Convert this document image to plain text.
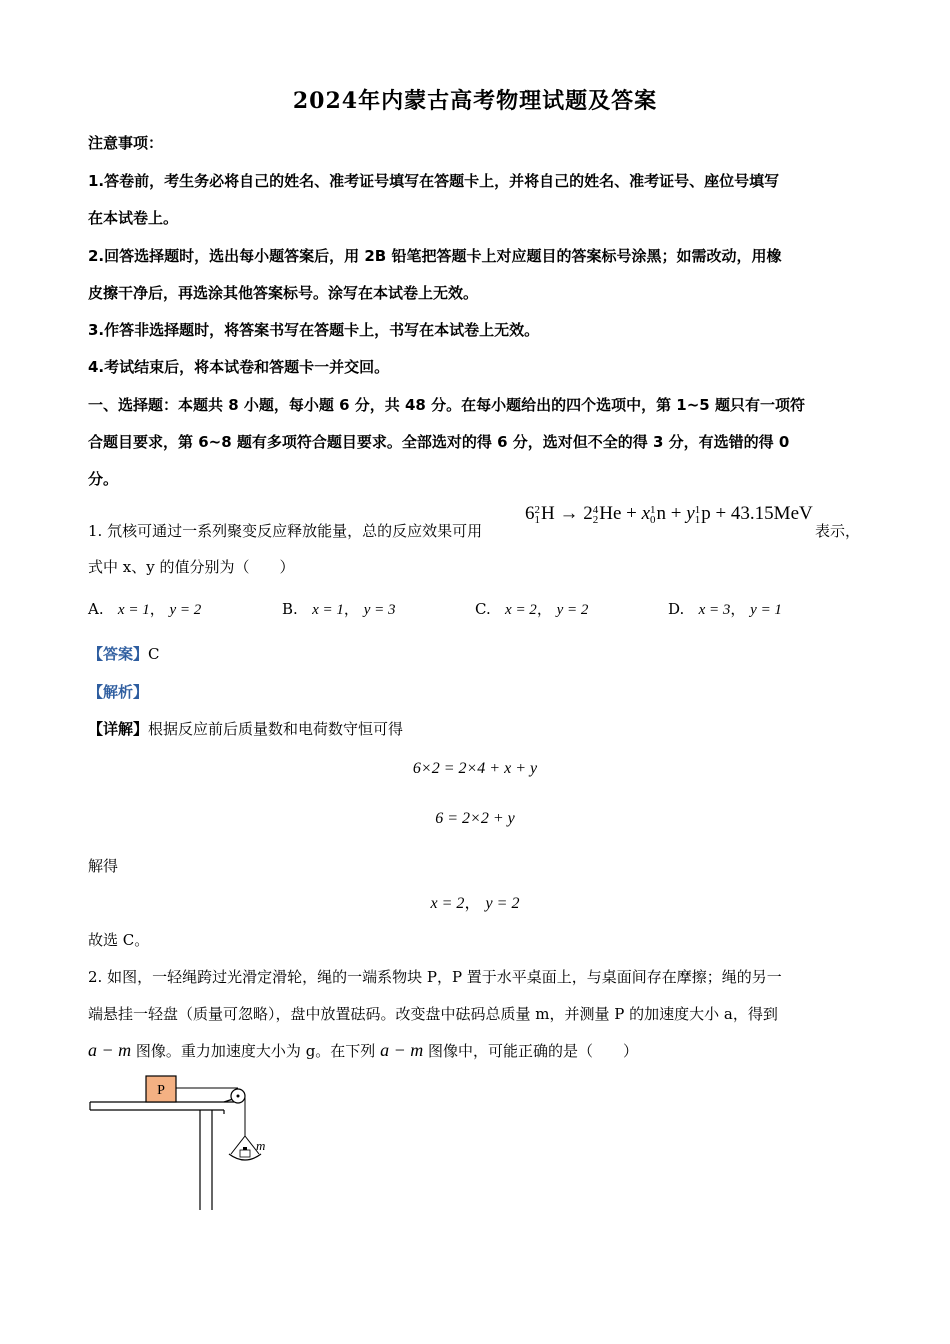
2024年内蒙古高考物理试题及答案
注意事项：
1.答卷前，考生务必将自己的姓名、准考证号填写在答题卡上，并将自己的姓名、准考证号、座位号填写
在本试卷上。
2.回答选择题时，选出每小题答案后，用 2B 铅笔把答题卡上对应题目的答案标号涂黑；如需改动，用橡
皮擦干净后，再选涂其他答案标号。涂写在本试卷上无效。
3.作答非选择题时，将答案书写在答题卡上，书写在本试卷上无效。
4.考试结束后，将本试卷和答题卡一并交回。
一、选择题：本题共 8 小题，每小题 6 分，共 48 分。在每小题给出的四个选项中，第 1~5 题只有一项符
合题目要求，第 6~8 题有多项符合题目要求。全部选对的得 6 分，选对但不全的得 3 分，有选错的得 0
分。
1. 氘核可通过一系列聚变反应释放能量，总的反应效果可用
6 2
1 H → 2 4
2 He + x 1
0 n + y 1
1 p + 43.15MeV
表示，
式中 x、y 的值分别为（　　）
A. x = 1， y = 2	B. x = 1， y = 3	C. x = 2， y = 2	D. x = 3， y = 1
【答案】C
【解析】
【详解】根据反应前后质量数和电荷数守恒可得
6×2 = 2×4 + x + y
6 = 2×2 + y
解得
x = 2， y = 2
故选 C。
2. 如图，一轻绳跨过光滑定滑轮，绳的一端系物块 P，P 置于水平桌面上，与桌面间存在摩擦；绳的另一
端悬挂一轻盘（质量可忽略），盘中放置砝码。改变盘中砝码总质量 m，并测量 P 的加速度大小 a，得到
a − m 图像。重力加速度大小为 g。在下列 a − m 图像中，可能正确的是（　　）
P
m
